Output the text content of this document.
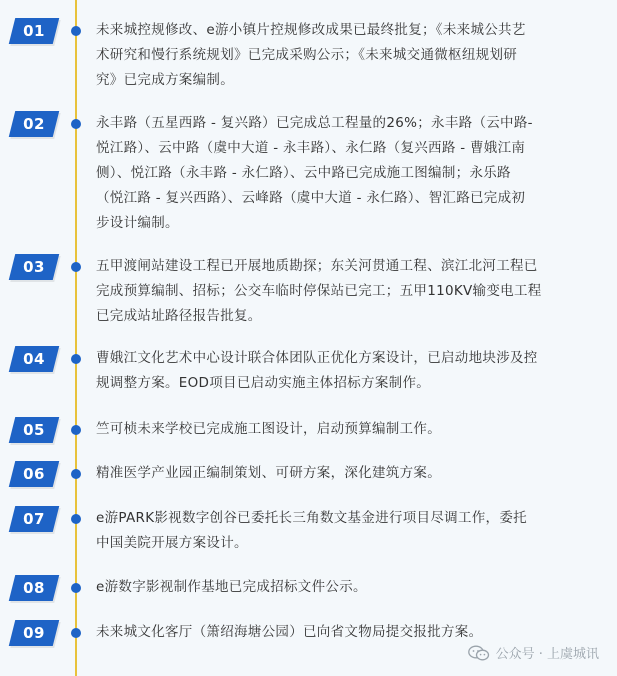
01	未来城控规修改、e游小镇片控规修改成果已最终批复；《未来城公共艺
术研究和慢行系统规划》已完成采购公示；《未来城交通微枢纽规划研
究》已完成方案编制。
02	永丰路（五星西路 - 复兴路）已完成总工程量的26%；永丰路（云中路-
悦江路）、云中路（虞中大道 - 永丰路）、永仁路（复兴西路 - 曹娥江南
侧）、悦江路（永丰路 - 永仁路）、云中路已完成施工图编制；永乐路
（悦江路 - 复兴西路）、云峰路（虞中大道 - 永仁路）、智汇路已完成初
步设计编制。
03	五甲渡闸站建设工程已开展地质勘探；东关河贯通工程、滨江北河工程已
完成预算编制、招标；公交车临时停保站已完工；五甲110KV输变电工程
已完成站址路径报告批复。
04	曹娥江文化艺术中心设计联合体团队正优化方案设计，已启动地块涉及控
规调整方案。EOD项目已启动实施主体招标方案制作。
05	竺可桢未来学校已完成施工图设计，启动预算编制工作。
06	精准医学产业园正编制策划、可研方案，深化建筑方案。
07	e游PARK影视数字创谷已委托长三角数文基金进行项目尽调工作，委托
中国美院开展方案设计。
08	e游数字影视制作基地已完成招标文件公示。
09	未来城文化客厅（箫绍海塘公园）已向省文物局提交报批方案。
公众号 · 上虞城讯
